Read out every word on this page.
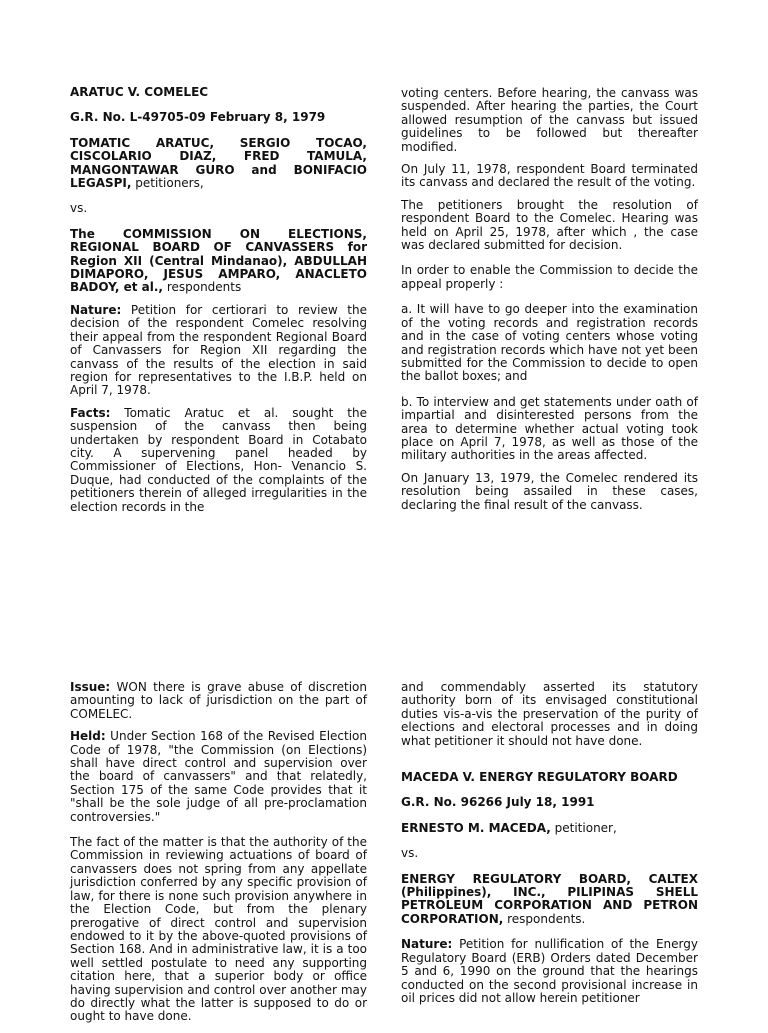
ARATUC V. COMELEC

G.R. No. L-49705-09 February 8, 1979

TOMATIC ARATUC, SERGIO TOCAO, CISCOLARIO DIAZ, FRED TAMULA, MANGONTAWAR GURO and BONIFACIO LEGASPI, petitioners,

vs.

The COMMISSION ON ELECTIONS, REGIONAL BOARD OF CANVASSERS for Region XII (Central Mindanao), ABDULLAH DIMAPORO, JESUS AMPARO, ANACLETO BADOY, et al., respondents

Nature: Petition for certiorari to review the decision of the respondent Comelec resolving their appeal from the respondent Regional Board of Canvassers for Region XII regarding the canvass of the results of the election in said region for representatives to the I.B.P. held on April 7, 1978.

Facts: Tomatic Aratuc et al. sought the suspension of the canvass then being undertaken by respondent Board in Cotabato city. A supervening panel headed by Commissioner of Elections, Hon- Venancio S. Duque, had conducted of the complaints of the petitioners therein of alleged irregularities in the election records in the

voting centers. Before hearing, the canvass was suspended. After hearing the parties, the Court allowed resumption of the canvass but issued guidelines to be followed but thereafter modified.

On July 11, 1978, respondent Board terminated its canvass and declared the result of the voting.

The petitioners brought the resolution of respondent Board to the Comelec. Hearing was held on April 25, 1978, after which , the case was declared submitted for decision.

In order to enable the Commission to decide the appeal properly :

a. It will have to go deeper into the examination of the voting records and registration records and in the case of voting centers whose voting and registration records which have not yet been submitted for the Commission to decide to open the ballot boxes; and

b. To interview and get statements under oath of impartial and disinterested persons from the area to determine whether actual voting took place on April 7, 1978, as well as those of the military authorities in the areas affected.

On January 13, 1979, the Comelec rendered its resolution being assailed in these cases, declaring the final result of the canvass.

Issue: WON there is grave abuse of discretion amounting to lack of jurisdiction on the part of COMELEC.

Held: Under Section 168 of the Revised Election Code of 1978, "the Commission (on Elections) shall have direct control and supervision over the board of canvassers" and that relatedly, Section 175 of the same Code provides that it "shall be the sole judge of all pre-proclamation controversies."

The fact of the matter is that the authority of the Commission in reviewing actuations of board of canvassers does not spring from any appellate jurisdiction conferred by any specific provision of law, for there is none such provision anywhere in the Election Code, but from the plenary prerogative of direct control and supervision endowed to it by the above-quoted provisions of Section 168. And in administrative law, it is a too well settled postulate to need any supporting citation here, that a superior body or office having supervision and control over another may do directly what the latter is supposed to do or ought to have done.

and commendably asserted its statutory authority born of its envisaged constitutional duties vis-a-vis the preservation of the purity of elections and electoral processes and in doing what petitioner it should not have done.

MACEDA V. ENERGY REGULATORY BOARD

G.R. No. 96266 July 18, 1991

ERNESTO M. MACEDA, petitioner,

vs.

ENERGY REGULATORY BOARD, CALTEX (Philippines), INC., PILIPINAS SHELL PETROLEUM CORPORATION AND PETRON CORPORATION, respondents.

Nature: Petition for nullification of the Energy Regulatory Board (ERB) Orders dated December 5 and 6, 1990 on the ground that the hearings conducted on the second provisional increase in oil prices did not allow herein petitioner
